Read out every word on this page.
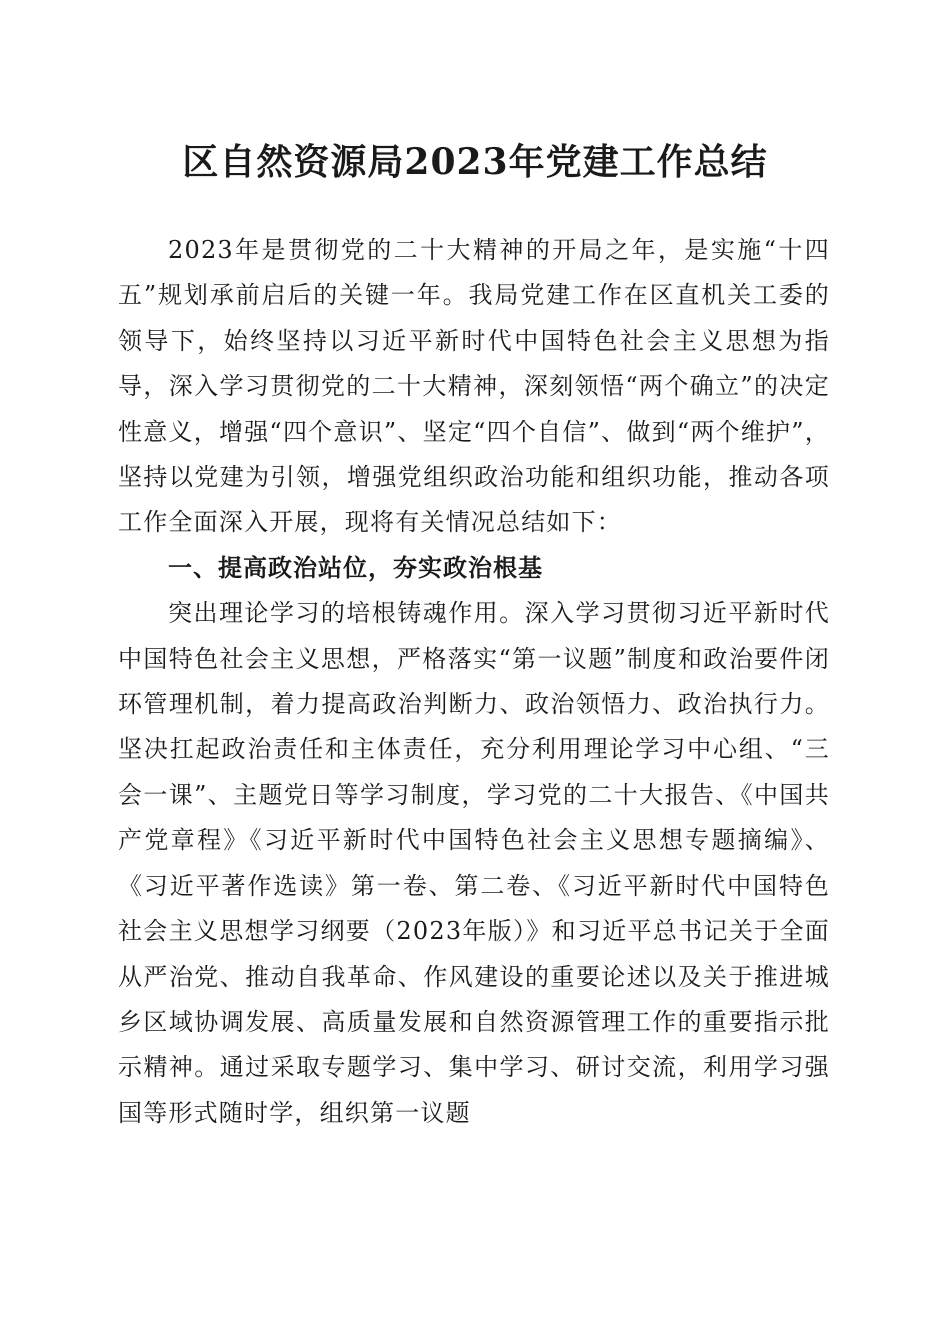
区自然资源局2023年党建工作总结

2023年是贯彻党的二十大精神的开局之年，是实施“十四五”规划承前启后的关键一年。我局党建工作在区直机关工委的领导下，始终坚持以习近平新时代中国特色社会主义思想为指导，深入学习贯彻党的二十大精神，深刻领悟“两个确立”的决定性意义，增强“四个意识”、坚定“四个自信”、做到“两个维护”，坚持以党建为引领，增强党组织政治功能和组织功能，推动各项工作全面深入开展，现将有关情况总结如下：

一、提高政治站位，夯实政治根基

突出理论学习的培根铸魂作用。深入学习贯彻习近平新时代中国特色社会主义思想，严格落实“第一议题”制度和政治要件闭环管理机制，着力提高政治判断力、政治领悟力、政治执行力。坚决扛起政治责任和主体责任，充分利用理论学习中心组、“三会一课”、主题党日等学习制度，学习党的二十大报告、《中国共产党章程》《习近平新时代中国特色社会主义思想专题摘编》、《习近平著作选读》第一卷、第二卷、《习近平新时代中国特色社会主义思想学习纲要（2023年版）》和习近平总书记关于全面从严治党、推动自我革命、作风建设的重要论述以及关于推进城乡区域协调发展、高质量发展和自然资源管理工作的重要指示批示精神。通过采取专题学习、集中学习、研讨交流，利用学习强国等形式随时学，组织第一议题
